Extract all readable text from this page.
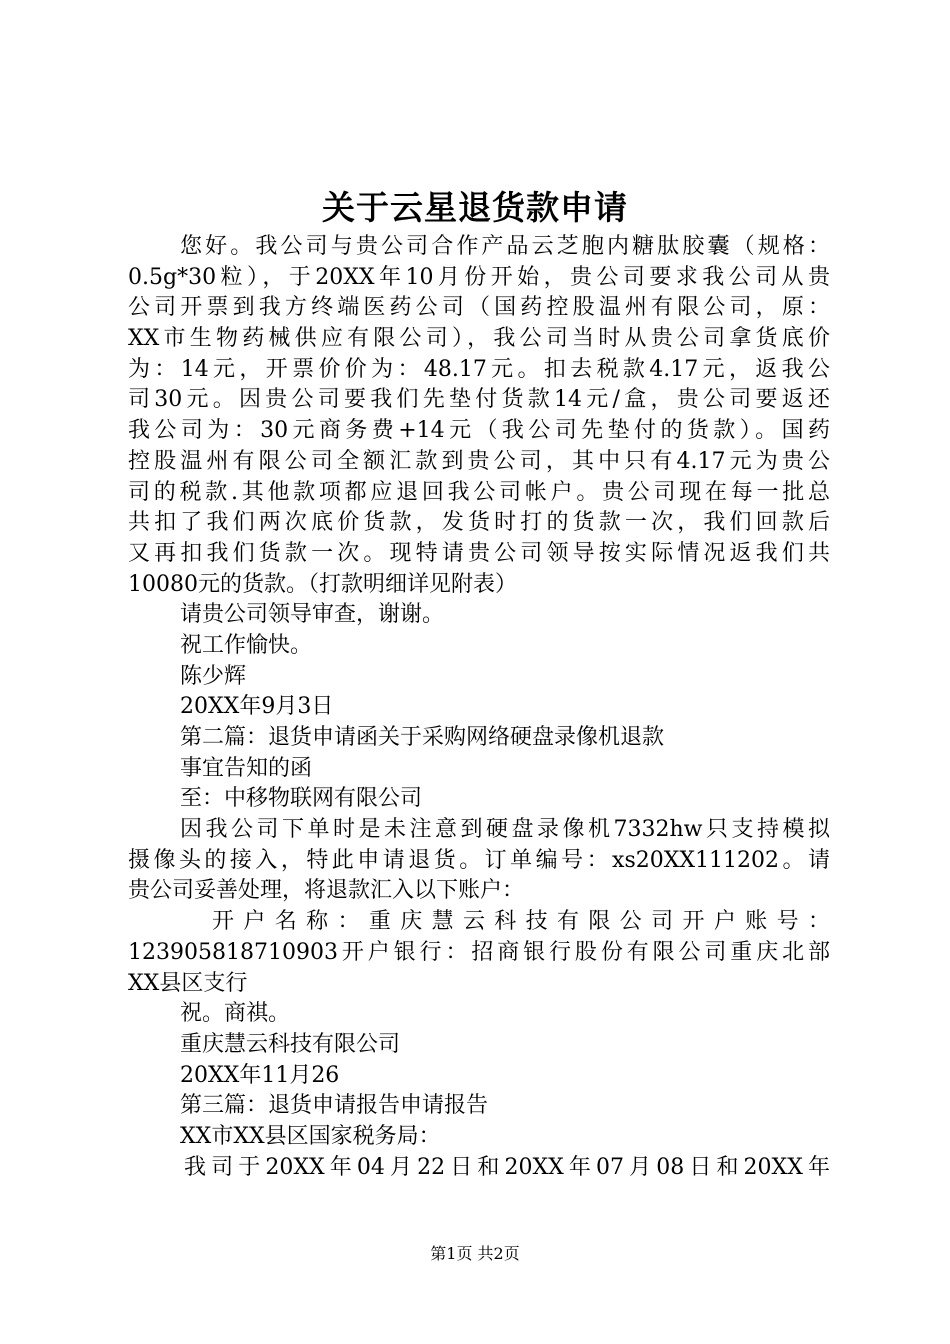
关于云星退货款申请
您好。我公司与贵公司合作产品云芝胞内糖肽胶囊（规格：
0.5g*30粒），于20XX年10月份开始，贵公司要求我公司从贵
公司开票到我方终端医药公司（国药控股温州有限公司，原：
XX市生物药械供应有限公司），我公司当时从贵公司拿货底价
为：14元，开票价价为：48.17元。扣去税款4.17元，返我公
司30元。因贵公司要我们先垫付货款14元/盒，贵公司要返还
我公司为：30元商务费+14元（我公司先垫付的货款）。国药
控股温州有限公司全额汇款到贵公司，其中只有4.17元为贵公
司的税款.其他款项都应退回我公司帐户。贵公司现在每一批总
共扣了我们两次底价货款，发货时打的货款一次，我们回款后
又再扣我们货款一次。现特请贵公司领导按实际情况返我们共
10080元的货款。（打款明细详见附表）
请贵公司领导审查，谢谢。
祝工作愉快。
陈少辉
20XX年9月3日
第二篇：退货申请函关于采购网络硬盘录像机退款
事宜告知的函
至：中移物联网有限公司
因我公司下单时是未注意到硬盘录像机7332hw只支持模拟
摄像头的接入，特此申请退货。订单编号：xs20XX111202。请
贵公司妥善处理，将退款汇入以下账户：
开户名称：重庆慧云科技有限公司开户账号：
123905818710903开户银行：招商银行股份有限公司重庆北部
XX县区支行
祝。商祺。
重庆慧云科技有限公司
20XX年11月26
第三篇：退货申请报告申请报告
XX市XX县区国家税务局：
我司于20XX年04月22日和20XX年07月08日和20XX年
第1页 共2页
